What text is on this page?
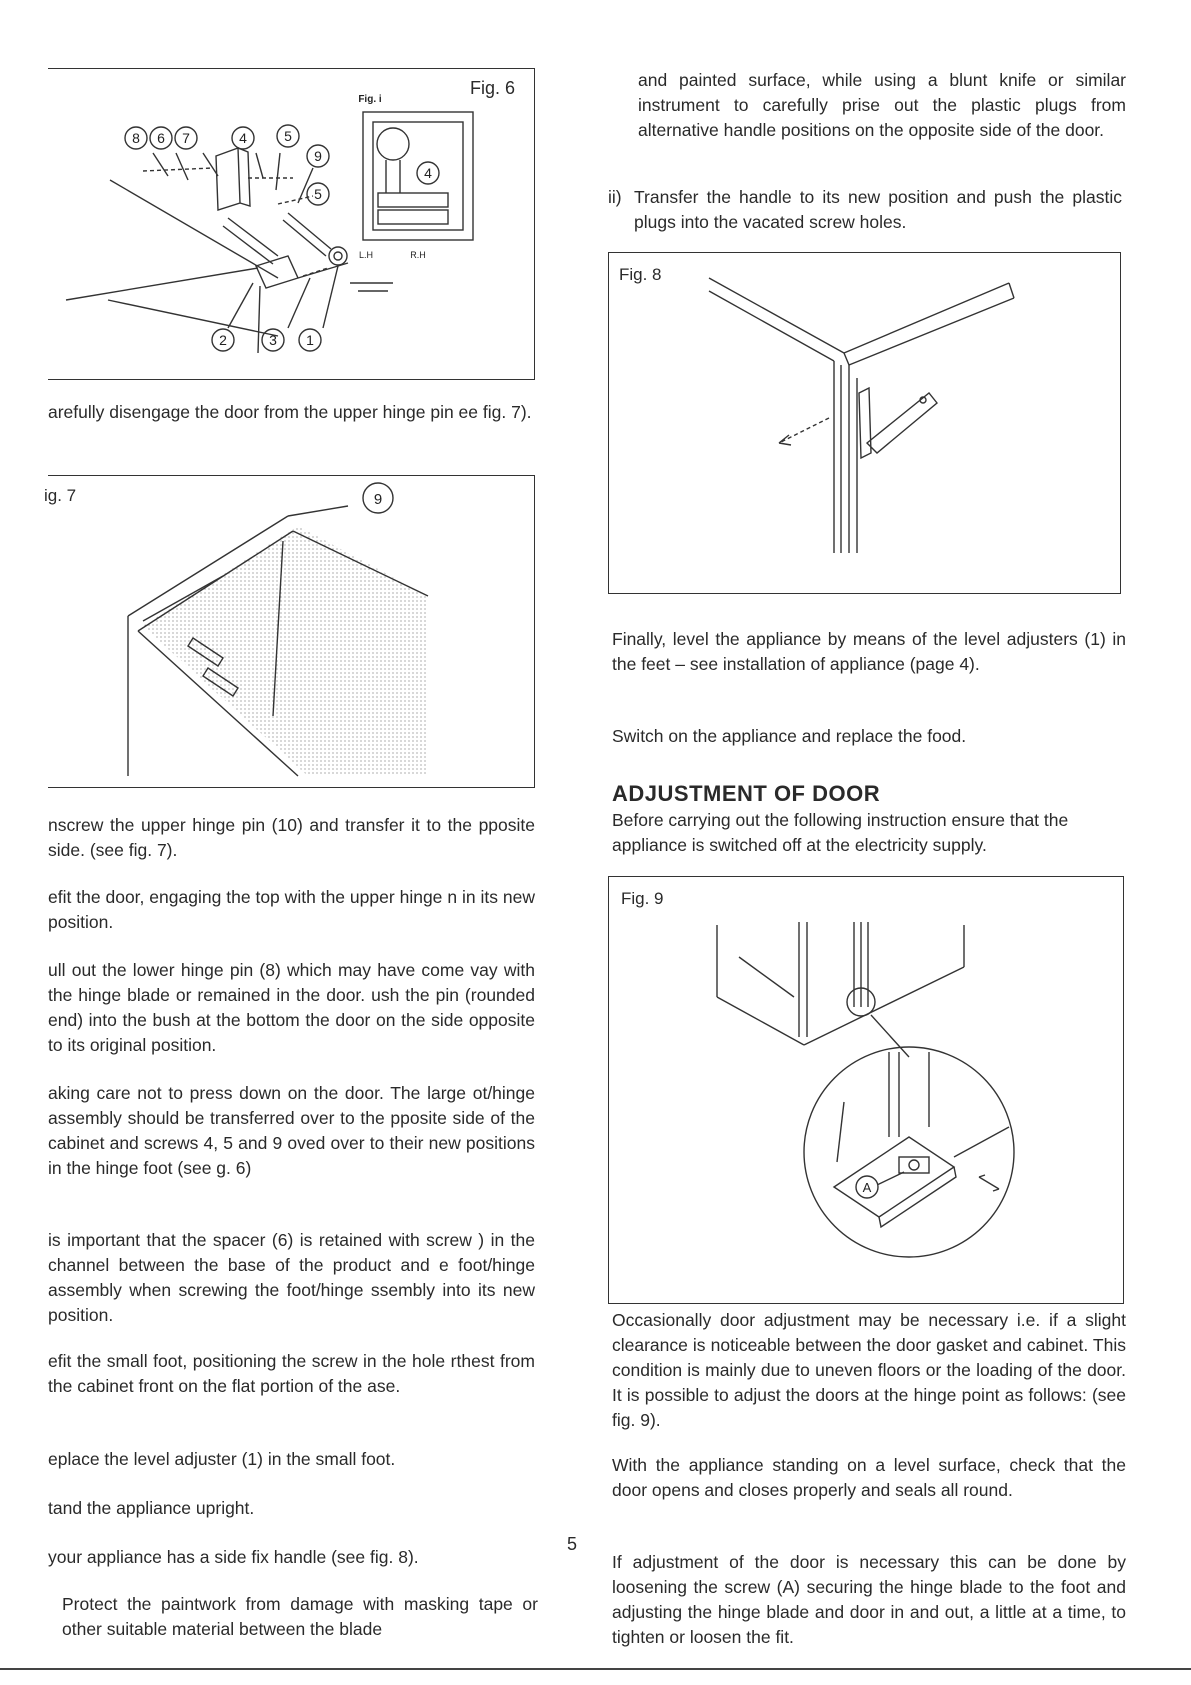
Fig. 6
8 6 7	4	5
9
4
5
2	3 1
Fig. i
L.H	R.H

arefully disengage the door from the upper hinge pin ee fig. 7).

ig. 7	9

nscrew the upper hinge pin (10) and transfer it to the pposite side. (see fig. 7).

efit the door, engaging the top with the upper hinge n in its new position.

ull out the lower hinge pin (8) which may have come vay with the hinge blade or remained in the door. ush the pin (rounded end) into the bush at the bottom the door on the side opposite to its original position.

aking care not to press down on the door. The large ot/hinge assembly should be transferred over to the pposite side of the cabinet and screws 4, 5 and 9 oved over to their new positions in the hinge foot (see g. 6)

is important that the spacer (6) is retained with screw ) in the channel between the base of the product and e foot/hinge assembly when screwing the foot/hinge ssembly into its new position.

efit the small foot, positioning the screw in the hole rthest from the cabinet front on the flat portion of the ase.

eplace the level adjuster (1) in the small foot.

tand the appliance upright.

your appliance has a side fix handle (see fig. 8).

Protect the paintwork from damage with masking tape or other suitable material between the blade

and painted surface, while using a blunt knife or similar instrument to carefully prise out the plastic plugs from alternative handle positions on the opposite side of the door.

ii) Transfer the handle to its new position and push the plastic plugs into the vacated screw holes.
Fig. 8

Finally, level the appliance by means of the level adjusters (1) in the feet – see installation of appliance (page 4).

Switch on the appliance and replace the food.

ADJUSTMENT OF DOOR

Before carrying out the following instruction ensure that the appliance is switched off at the electricity supply.

Fig. 9
A

Occasionally door adjustment may be necessary i.e. if a slight clearance is noticeable between the door gasket and cabinet. This condition is mainly due to uneven floors or the loading of the door. It is possible to adjust the doors at the hinge point as follows: (see fig. 9).

With the appliance standing on a level surface, check that the door opens and closes properly and seals all round.

If adjustment of the door is necessary this can be done by loosening the screw (A) securing the hinge blade to the foot and adjusting the hinge blade and door in and out, a little at a time, to tighten or loosen the fit.

5
